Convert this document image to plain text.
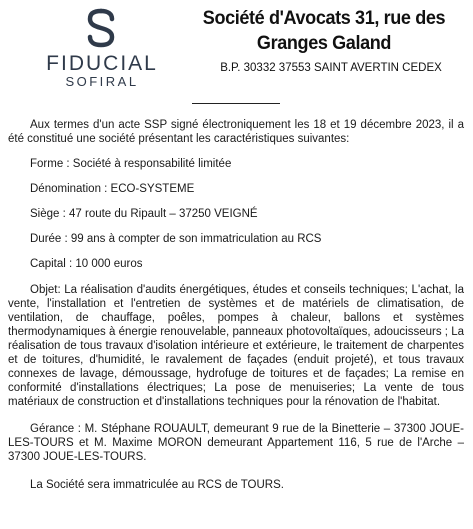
FIDUCIAL
SOFIRAL
Société d'Avocats 31, rue des
Granges Galand
B.P. 30332 37553 SAINT AVERTIN CEDEX

Aux termes d'un acte SSP signé électroniquement les 18 et 19 décembre 2023, il a été constitué une société présentant les caractéristiques suivantes:

Forme : Société à responsabilité limitée

Dénomination : ECO-SYSTEME

Siège : 47 route du Ripault – 37250 VEIGNÉ

Durée : 99 ans à compter de son immatriculation au RCS

Capital : 10 000 euros

Objet: La réalisation d'audits énergétiques, études et conseils techniques; L'achat, la vente, l'installation et l'entretien de systèmes et de matériels de climatisation, de ventilation, de chauffage, poêles, pompes à chaleur, ballons et systèmes thermodynamiques à énergie renouvelable, panneaux photovoltaïques, adoucisseurs ; La réalisation de tous travaux d'isolation intérieure et extérieure, le traitement de charpentes et de toitures, d'humidité, le ravalement de façades (enduit projeté), et tous travaux connexes de lavage, démoussage, hydrofuge de toitures et de façades; La remise en conformité d'installations électriques; La pose de menuiseries; La vente de tous matériaux de construction et d'installations techniques pour la rénovation de l'habitat.

Gérance : M. Stéphane ROUAULT, demeurant 9 rue de la Binetterie – 37300 JOUE-LES-TOURS et M. Maxime MORON demeurant Appartement 116, 5 rue de l'Arche – 37300 JOUE-LES-TOURS.

La Société sera immatriculée au RCS de TOURS.
